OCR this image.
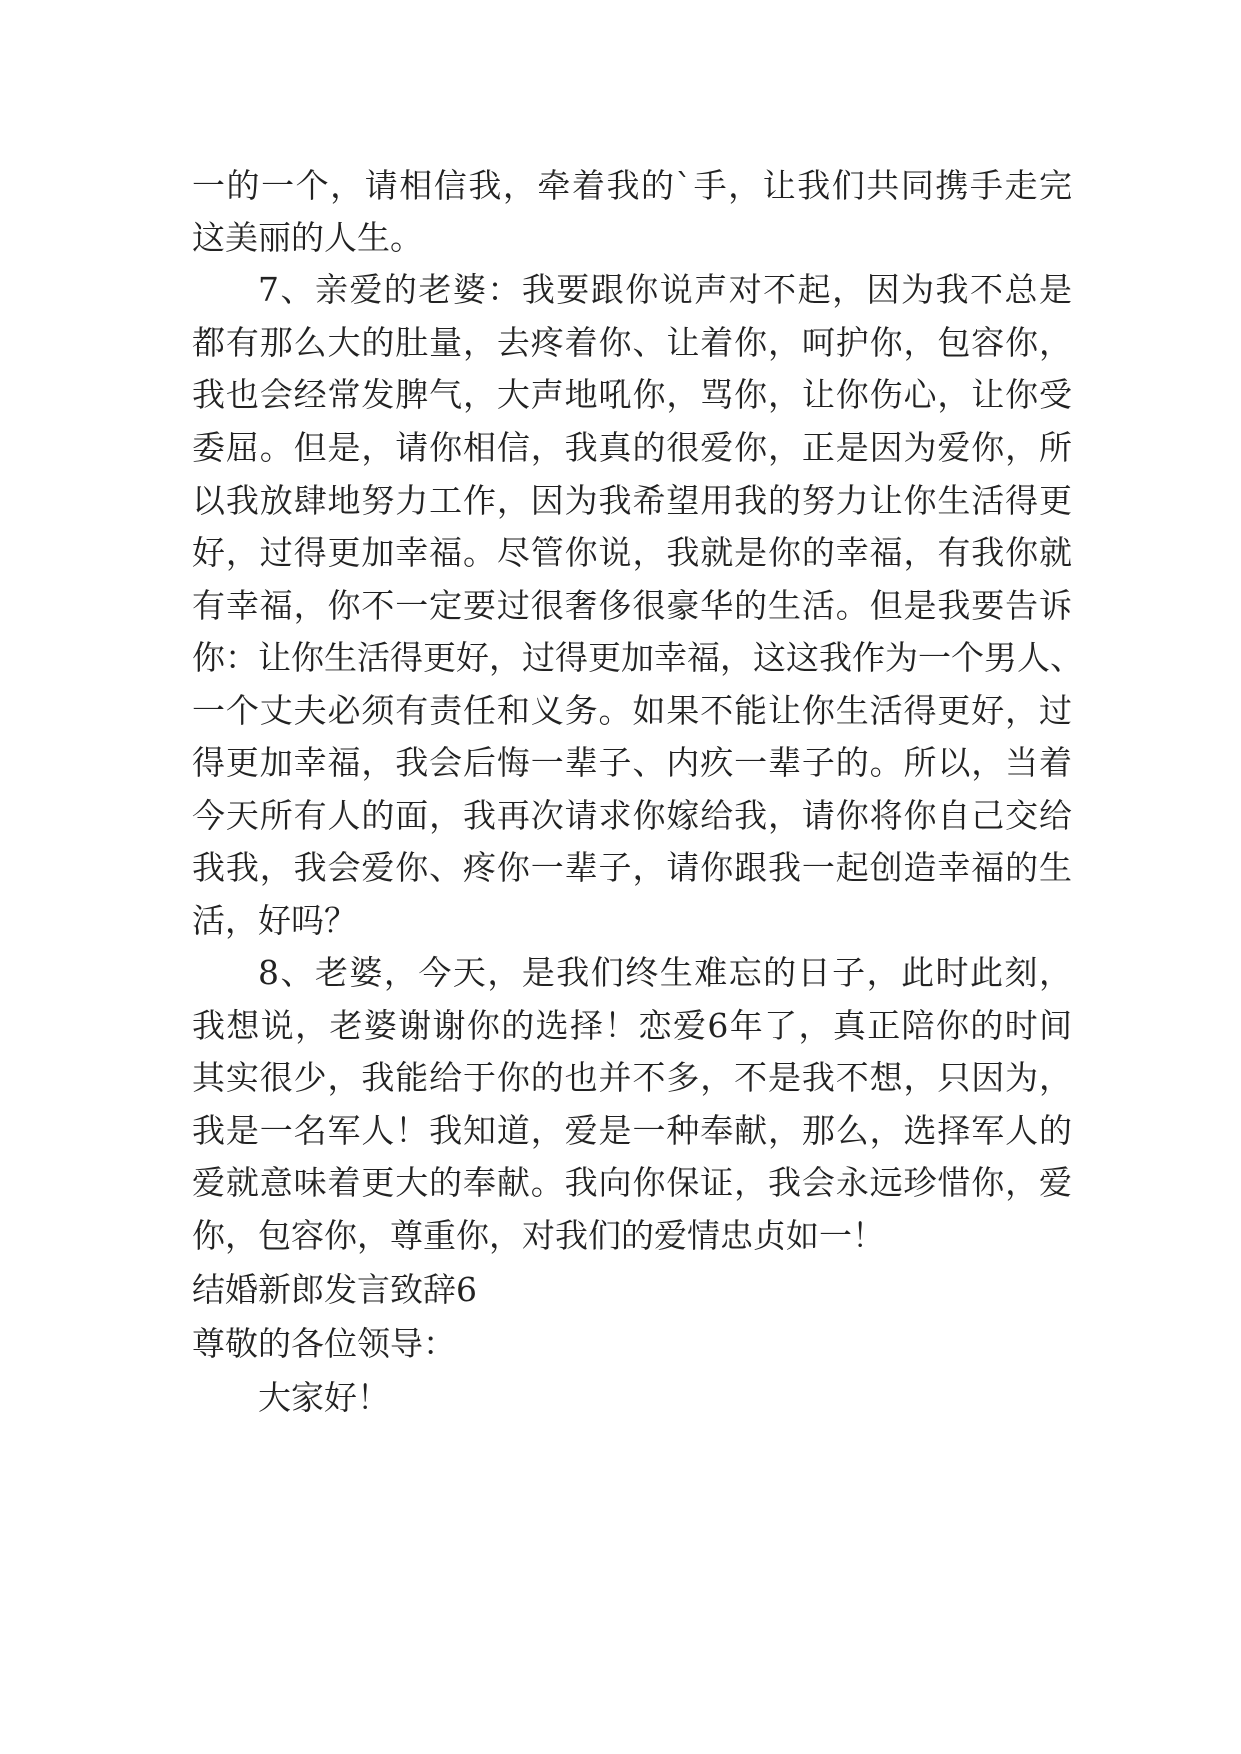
一的一个，请相信我，牵着我的`手，让我们共同携手走完
这美丽的人生。
7、亲爱的老婆：我要跟你说声对不起，因为我不总是
都有那么大的肚量，去疼着你、让着你，呵护你，包容你，
我也会经常发脾气，大声地吼你，骂你，让你伤心，让你受
委屈。但是，请你相信，我真的很爱你，正是因为爱你，所
以我放肆地努力工作，因为我希望用我的努力让你生活得更
好，过得更加幸福。尽管你说，我就是你的幸福，有我你就
有幸福，你不一定要过很奢侈很豪华的生活。但是我要告诉
你：让你生活得更好，过得更加幸福，这这我作为一个男人、
一个丈夫必须有责任和义务。如果不能让你生活得更好，过
得更加幸福，我会后悔一辈子、内疚一辈子的。所以，当着
今天所有人的面，我再次请求你嫁给我，请你将你自己交给
我我，我会爱你、疼你一辈子，请你跟我一起创造幸福的生
活，好吗？
8、老婆，今天，是我们终生难忘的日子，此时此刻，
我想说，老婆谢谢你的选择！恋爱6年了，真正陪你的时间
其实很少，我能给于你的也并不多，不是我不想，只因为，
我是一名军人！我知道，爱是一种奉献，那么，选择军人的
爱就意味着更大的奉献。我向你保证，我会永远珍惜你，爱
你，包容你，尊重你，对我们的爱情忠贞如一！
结婚新郎发言致辞6
尊敬的各位领导：
大家好！
